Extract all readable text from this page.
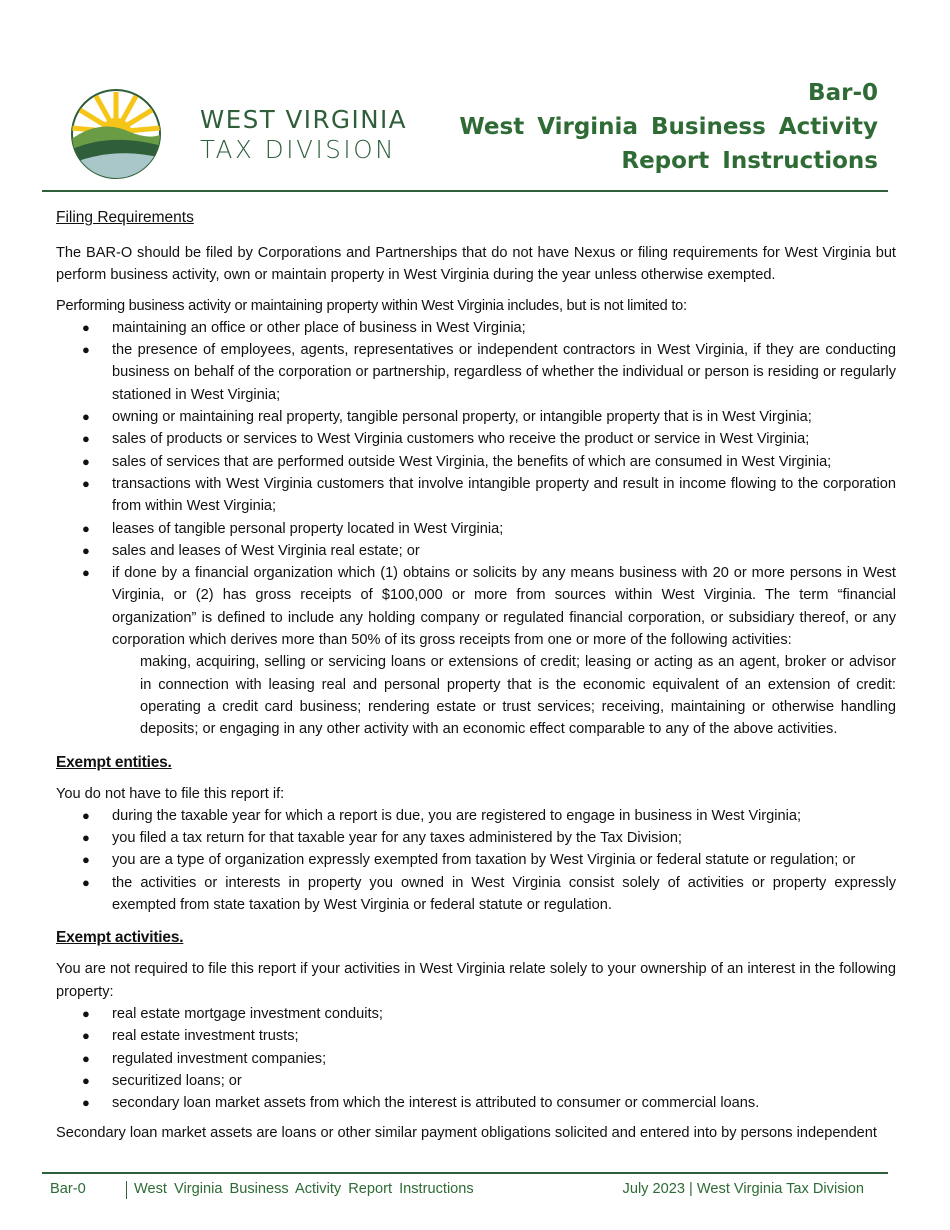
WEST VIRGINIA
TAX DIVISION
Bar-0
West Virginia Business Activity
Report Instructions
Filing Requirements

The BAR-O should be filed by Corporations and Partnerships that do not have Nexus or filing requirements for West Virginia but perform business activity, own or maintain property in West Virginia during the year unless otherwise exempted.

Performing business activity or maintaining property within West Virginia includes, but is not limited to:

● maintaining an office or other place of business in West Virginia;
● the presence of employees, agents, representatives or independent contractors in West Virginia, if they are conducting business on behalf of the corporation or partnership, regardless of whether the individual or person is residing or regularly stationed in West Virginia;
● owning or maintaining real property, tangible personal property, or intangible property that is in West Virginia;
● sales of products or services to West Virginia customers who receive the product or service in West Virginia;
● sales of services that are performed outside West Virginia, the benefits of which are consumed in West Virginia;
● transactions with West Virginia customers that involve intangible property and result in income flowing to the corporation from within West Virginia;
● leases of tangible personal property located in West Virginia;
● sales and leases of West Virginia real estate; or
● if done by a financial organization which (1) obtains or solicits by any means business with 20 or more persons in West Virginia, or (2) has gross receipts of $100,000 or more from sources within West Virginia. The term “financial organization” is defined to include any holding company or regulated financial corporation, or subsidiary thereof, or any corporation which derives more than 50% of its gross receipts from one or more of the following activities:

making, acquiring, selling or servicing loans or extensions of credit; leasing or acting as an agent, broker or advisor in connection with leasing real and personal property that is the economic equivalent of an extension of credit: operating a credit card business; rendering estate or trust services; receiving, maintaining or otherwise handling deposits; or engaging in any other activity with an economic effect comparable to any of the above activities.

Exempt entities.

You do not have to file this report if:

● during the taxable year for which a report is due, you are registered to engage in business in West Virginia;
● you filed a tax return for that taxable year for any taxes administered by the Tax Division;
● you are a type of organization expressly exempted from taxation by West Virginia or federal statute or regulation; or
● the activities or interests in property you owned in West Virginia consist solely of activities or property expressly exempted from state taxation by West Virginia or federal statute or regulation.
Exempt activities.

You are not required to file this report if your activities in West Virginia relate solely to your ownership of an interest in the following property:

● real estate mortgage investment conduits;
● real estate investment trusts;
● regulated investment companies;
● securitized loans; or
● secondary loan market assets from which the interest is attributed to consumer or commercial loans.

Secondary loan market assets are loans or other similar payment obligations solicited and entered into by persons independent

Bar-0	West Virginia Business Activity Report Instructions	July 2023 | West Virginia Tax Division
